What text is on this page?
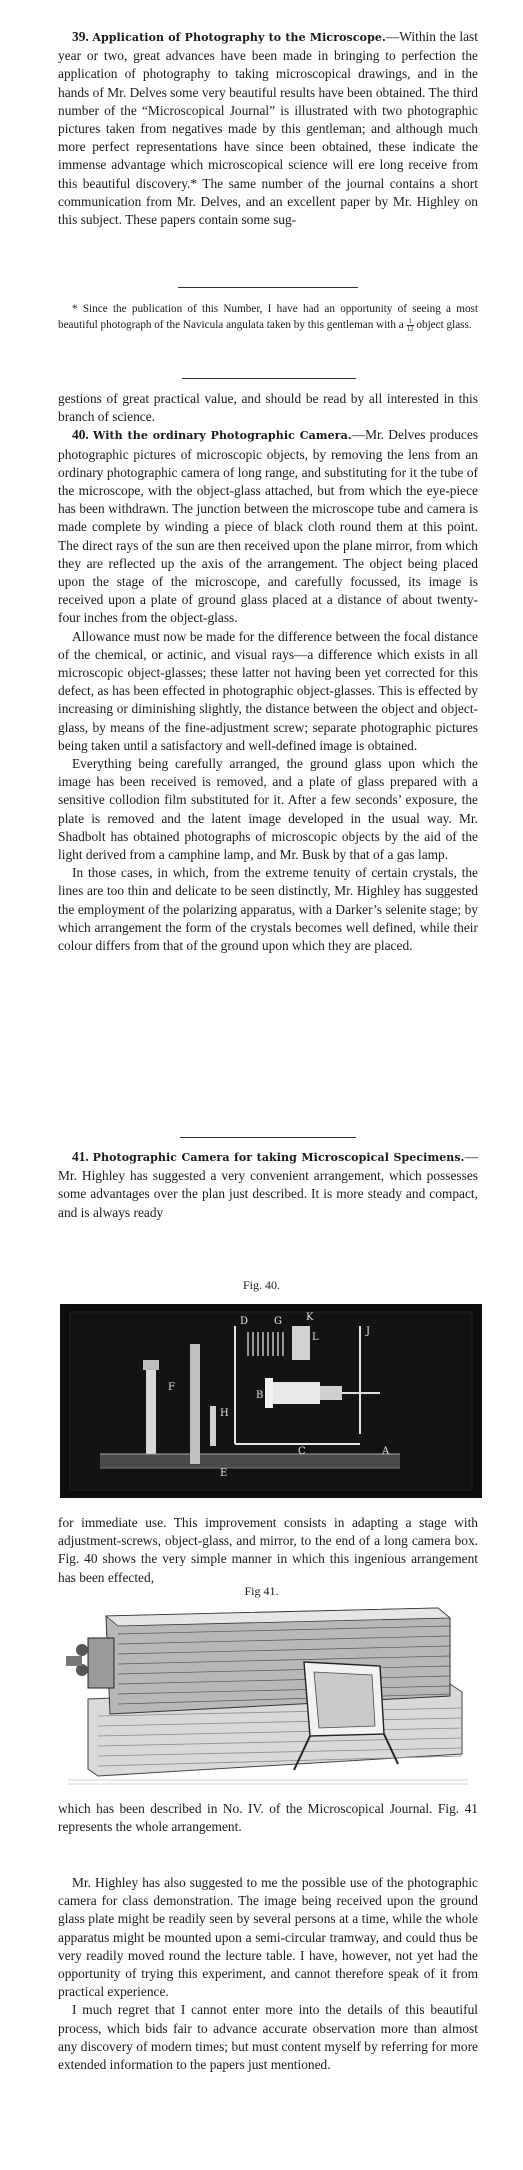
39. Application of Photography to the Microscope.—Within the last year or two, great advances have been made in bringing to perfection the application of photography to taking microscopical drawings, and in the hands of Mr. Delves some very beautiful results have been obtained. The third number of the “Microscopical Journal” is illustrated with two photographic pictures taken from negatives made by this gentleman; and although much more perfect representations have since been obtained, these indicate the immense advantage which microscopical science will ere long receive from this beautiful discovery.* The same number of the journal contains a short communication from Mr. Delves, and an excellent paper by Mr. Highley on this subject. These papers contain some sug-
* Since the publication of this Number, I have had an opportunity of seeing a most beautiful photograph of the Navicula angulata taken by this gentleman with a $\frac{1}{12}$ object glass.
gestions of great practical value, and should be read by all interested in this branch of science.
40. With the ordinary Photographic Camera.—Mr. Delves produces photographic pictures of microscopic objects, by removing the lens from an ordinary photographic camera of long range, and substituting for it the tube of the microscope, with the object-glass attached, but from which the eye-piece has been withdrawn. The junction between the microscope tube and camera is made complete by winding a piece of black cloth round them at this point. The direct rays of the sun are then received upon the plane mirror, from which they are reflected up the axis of the arrangement. The object being placed upon the stage of the microscope, and carefully focussed, its image is received upon a plate of ground glass placed at a distance of about twenty-four inches from the object-glass.
Allowance must now be made for the difference between the focal distance of the chemical, or actinic, and visual rays—a difference which exists in all microscopic object-glasses; these latter not having been yet corrected for this defect, as has been effected in photographic object-glasses. This is effected by increasing or diminishing slightly, the distance between the object and object-glass, by means of the fine-adjustment screw; separate photographic pictures being taken until a satisfactory and well-defined image is obtained.
Everything being carefully arranged, the ground glass upon which the image has been received is removed, and a plate of glass prepared with a sensitive collodion film substituted for it. After a few seconds’ exposure, the plate is removed and the latent image developed in the usual way. Mr. Shadbolt has obtained photographs of microscopic objects by the aid of the light derived from a camphine lamp, and Mr. Busk by that of a gas lamp.
In those cases, in which, from the extreme tenuity of certain crystals, the lines are too thin and delicate to be seen distinctly, Mr. Highley has suggested the employment of the polarizing apparatus, with a Darker’s selenite stage; by which arrangement the form of the crystals becomes well defined, while their colour differs from that of the ground upon which they are placed.
41. Photographic Camera for taking Microscopical Specimens.—Mr. Highley has suggested a very convenient arrangement, which possesses some advantages over the plan just described. It is more steady and compact, and is always ready
Fig. 40.
D	G K
L
J
F
B
H
C	A
E
for immediate use. This improvement consists in adapting a stage with adjustment-screws, object-glass, and mirror, to the end of a long camera box. Fig. 40 shows the very simple manner in which this ingenious arrangement has been effected,
Fig 41.
which has been described in No. IV. of the Microscopical Journal. Fig. 41 represents the whole arrangement.
Mr. Highley has also suggested to me the possible use of the photographic camera for class demonstration. The image being received upon the ground glass plate might be readily seen by several persons at a time, while the whole apparatus might be mounted upon a semi-circular tramway, and could thus be very readily moved round the lecture table. I have, however, not yet had the opportunity of trying this experiment, and cannot therefore speak of it from practical experience.
I much regret that I cannot enter more into the details of this beautiful process, which bids fair to advance accurate observation more than almost any discovery of modern times; but must content myself by referring for more extended information to the papers just mentioned.
